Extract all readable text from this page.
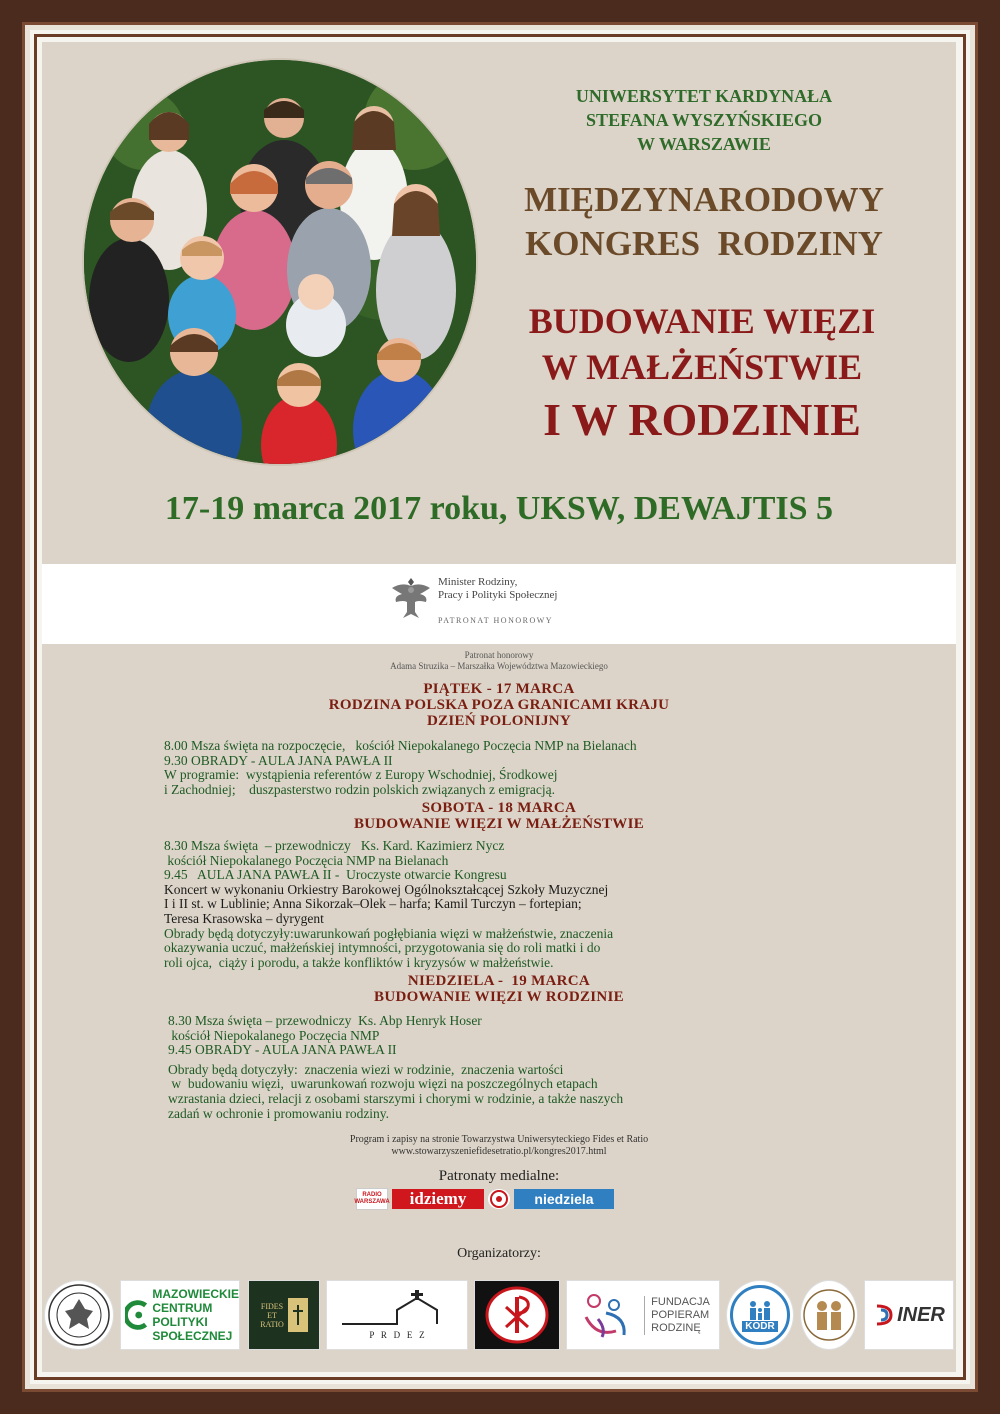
UNIWERSYTET KARDYNAŁA
STEFANA WYSZYŃSKIEGO
W WARSZAWIE
MIĘDZYNARODOWY
KONGRES  RODZINY
BUDOWANIE WIĘZI
W MAŁŻEŃSTWIE
I W RODZINIE
17-19 marca 2017 roku, UKSW, DEWAJTIS 5
Minister Rodziny,
Pracy i Polityki Społecznej
PATRONAT HONOROWY
Patronat honorowy
Adama Struzika – Marszałka Województwa Mazowieckiego
PIĄTEK - 17 MARCA
RODZINA POLSKA POZA GRANICAMI KRAJU
DZIEŃ POLONIJNY
8.00 Msza święta na rozpoczęcie,   kościół Niepokalanego Poczęcia NMP na Bielanach
9.30 OBRADY - AULA JANA PAWŁA II
W programie:  wystąpienia referentów z Europy Wschodniej, Środkowej
i Zachodniej;    duszpasterstwo rodzin polskich związanych z emigracją.
SOBOTA - 18 MARCA
BUDOWANIE WIĘZI W MAŁŻEŃSTWIE
8.30 Msza święta  – przewodniczy   Ks. Kard. Kazimierz Nycz
kościół Niepokalanego Poczęcia NMP na Bielanach
9.45   AULA JANA PAWŁA II -  Uroczyste otwarcie Kongresu
Koncert w wykonaniu Orkiestry Barokowej Ogólnokształcącej Szkoły Muzycznej
I i II st. w Lublinie; Anna Sikorzak–Olek – harfa; Kamil Turczyn – fortepian;
Teresa Krasowska – dyrygent
Obrady będą dotyczyły:uwarunkowań pogłębiania więzi w małżeństwie, znaczenia
okazywania uczuć, małżeńskiej intymności, przygotowania się do roli matki i do
roli ojca,  ciąży i porodu, a także konfliktów i kryzysów w małżeństwie.
NIEDZIELA -  19 MARCA
BUDOWANIE WIĘZI W RODZINIE
8.30 Msza święta – przewodniczy  Ks. Abp Henryk Hoser
kościół Niepokalanego Poczęcia NMP
9.45 OBRADY - AULA JANA PAWŁA II
Obrady będą dotyczyły:  znaczenia wiezi w rodzinie,  znaczenia wartości
w  budowaniu więzi,  uwarunkowań rozwoju więzi na poszczególnych etapach
wzrastania dzieci, relacji z osobami starszymi i chorymi w rodzinie, a także naszych
zadań w ochronie i promowaniu rodziny.
Program i zapisy na stronie Towarzystwa Uniwersyteckiego Fides et Ratio
www.stowarzyszeniefidesetratio.pl/kongres2017.html
Patronaty medialne:
RADIO WARSZAWA	idziemy	niedziela
Organizatorzy:
MAZOWIECKIE
CENTRUM
POLITYKI
SPOŁECZNEJ
FIDES
ET
RATIO
P   R   D   E   Z
FUNDACJA
POPIERAM
RODZINĘ	KODR
INER
